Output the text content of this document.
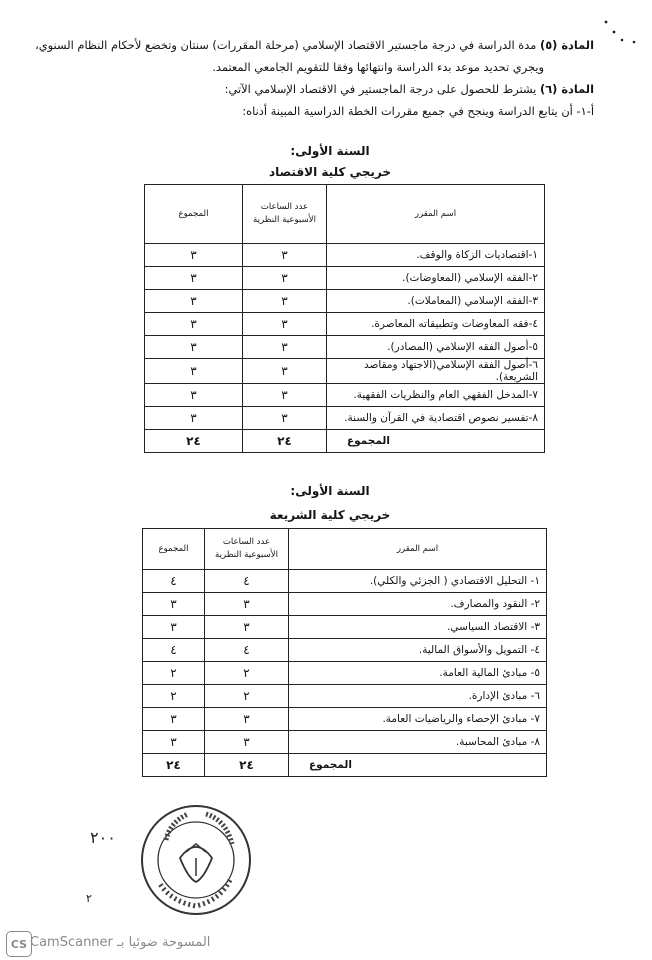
المادة (٥) مدة الدراسة في درجة ماجستير الاقتصاد الإسلامي (مرحلة المقررات) سنتان وتخضع لأحكام النظام السنوي،
ويجري تحديد موعد بدء الدراسة وانتهائها وفقا للتقويم الجامعي المعتمد.
المادة (٦) يشترط للحصول على درجة الماجستير في الاقتصاد الإسلامي الآتي:
أ-١- أن يتابع الدراسة وينجح في جميع مقررات الخطة الدراسية المبينة أدناه:
السنة الأولى:
خريجي كلية الاقتصاد
اسم المقرر	عدد الساعات الأسبوعية النظرية	المجموع
١-اقتصاديات الزكاة والوقف.	٣	٣
٢-الفقه الإسلامي (المعاوضات).	٣	٣
٣-الفقه الإسلامي (المعاملات).	٣	٣
٤-فقه المعاوضات وتطبيقاته المعاصرة.	٣	٣
٥-أصول الفقه الإسلامي (المصادر).	٣	٣
٦-أصول الفقه الإسلامي(الاجتهاد ومقاصد الشريعة).	٣	٣
٧-المدخل الفقهي العام والنظريات الفقهية.	٣	٣
٨-تفسير نصوص اقتصادية في القرآن والسنة.	٣	٣
المجموع	٢٤	٢٤
السنة الأولى:
خريجي كلية الشريعة
اسم المقرر	عدد الساعات الأسبوعية النظرية	المجموع
١- التحليل الاقتصادي ( الجزئي والكلي).	٤	٤
٢- النقود والمصارف.	٣	٣
٣- الاقتصاد السياسي.	٣	٣
٤- التمويل والأسواق المالية.	٤	٤
٥- مبادئ المالية العامة.	٢	٢
٦- مبادئ الإدارة.	٢	٢
٧- مبادئ الإحصاء والرياضيات العامة.	٣	٣
٨- مبادئ المحاسبة.	٣	٣
المجموع	٢٤	٢٤
٢٠٠
٢
CS CamScanner المسوحة ضوئيا بـ
